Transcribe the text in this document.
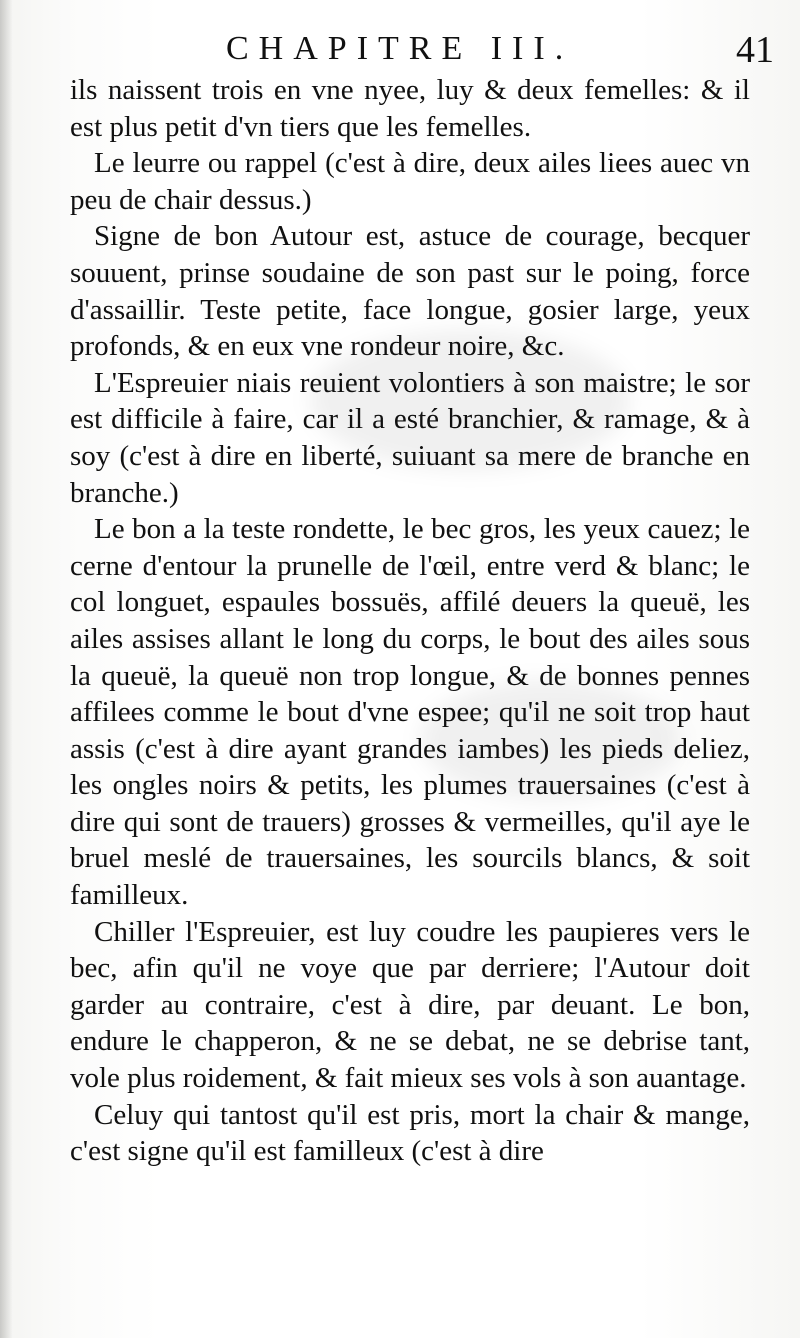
CHAPITRE III.	41

ils naissent trois en vne nyee, luy & deux femelles: & il est plus petit d'vn tiers que les femelles.

Le leurre ou rappel (c'est à dire, deux ailes liees auec vn peu de chair dessus.)

Signe de bon Autour est, astuce de courage, becquer souuent, prinse soudaine de son past sur le poing, force d'assaillir. Teste petite, face longue, gosier large, yeux profonds, & en eux vne rondeur noire, &c.

L'Espreuier niais reuient volontiers à son maistre; le sor est difficile à faire, car il a esté branchier, & ramage, & à soy (c'est à dire en liberté, suiuant sa mere de branche en branche.)

Le bon a la teste rondette, le bec gros, les yeux cauez; le cerne d'entour la prunelle de l'œil, entre verd & blanc; le col longuet, espaules bossuës, affilé deuers la queuë, les ailes assises allant le long du corps, le bout des ailes sous la queuë, la queuë non trop longue, & de bonnes pennes affilees comme le bout d'vne espee; qu'il ne soit trop haut assis (c'est à dire ayant grandes iambes) les pieds deliez, les ongles noirs & petits, les plumes trauersaines (c'est à dire qui sont de trauers) grosses & vermeilles, qu'il aye le bruel meslé de trauersaines, les sourcils blancs, & soit familleux.

Chiller l'Espreuier, est luy coudre les paupieres vers le bec, afin qu'il ne voye que par derriere; l'Autour doit garder au contraire, c'est à dire, par deuant. Le bon, endure le chapperon, & ne se debat, ne se debrise tant, vole plus roidement, & fait mieux ses vols à son auantage.

Celuy qui tantost qu'il est pris, mort la chair & mange, c'est signe qu'il est familleux (c'est à dire
